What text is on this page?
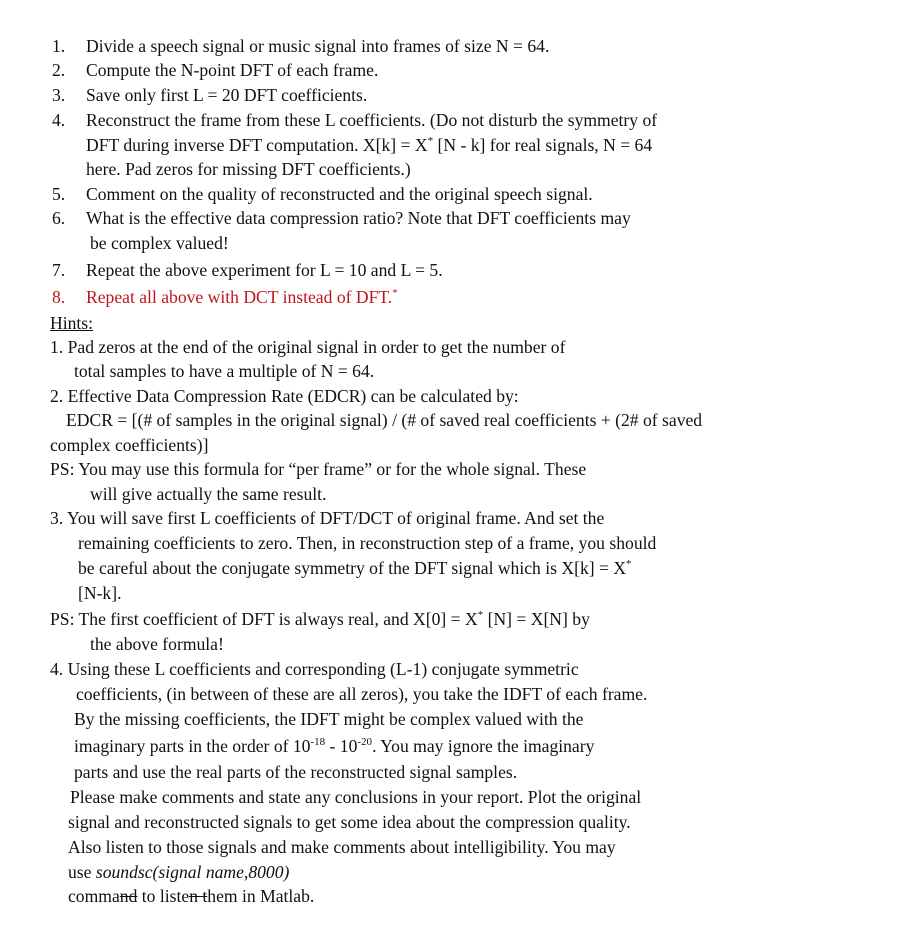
1. Divide a speech signal or music signal into frames of size N = 64.
2. Compute the N-point DFT of each frame.
3. Save only first L = 20 DFT coefficients.
4. Reconstruct the frame from these L coefficients. (Do not disturb the symmetry of
DFT during inverse DFT computation. X[k] = X* [N - k] for real signals, N = 64
here. Pad zeros for missing DFT coefficients.)
5. Comment on the quality of reconstructed and the original speech signal.
6. What is the effective data compression ratio? Note that DFT coefficients may
be complex valued!
7. Repeat the above experiment for L = 10 and L = 5.
8. Repeat all above with DCT instead of DFT.*
Hints:
1. Pad zeros at the end of the original signal in order to get the number of
total samples to have a multiple of N = 64.
2. Effective Data Compression Rate (EDCR) can be calculated by:
EDCR = [(# of samples in the original signal) / (# of saved real coefficients + (2# of saved
complex coefficients)]
PS: You may use this formula for “per frame” or for the whole signal. These
will give actually the same result.
3. You will save first L coefficients of DFT/DCT of original frame. And set the
remaining coefficients to zero. Then, in reconstruction step of a frame, you should
be careful about the conjugate symmetry of the DFT signal which is X[k] = X*
[N-k].
PS: The first coefficient of DFT is always real, and X[0] = X* [N] = X[N] by
the above formula!
4. Using these L coefficients and corresponding (L-1) conjugate symmetric
coefficients, (in between of these are all zeros), you take the IDFT of each frame.
By the missing coefficients, the IDFT might be complex valued with the
imaginary parts in the order of $10^{-18} - 10^{-20}$. You may ignore the imaginary
parts and use the real parts of the reconstructed signal samples.
Please make comments and state any conclusions in your report. Plot the original
signal and reconstructed signals to get some idea about the compression quality.
Also listen to those signals and make comments about intelligibility. You may
use soundsc(signal name,8000)
command to listen them in Matlab.
